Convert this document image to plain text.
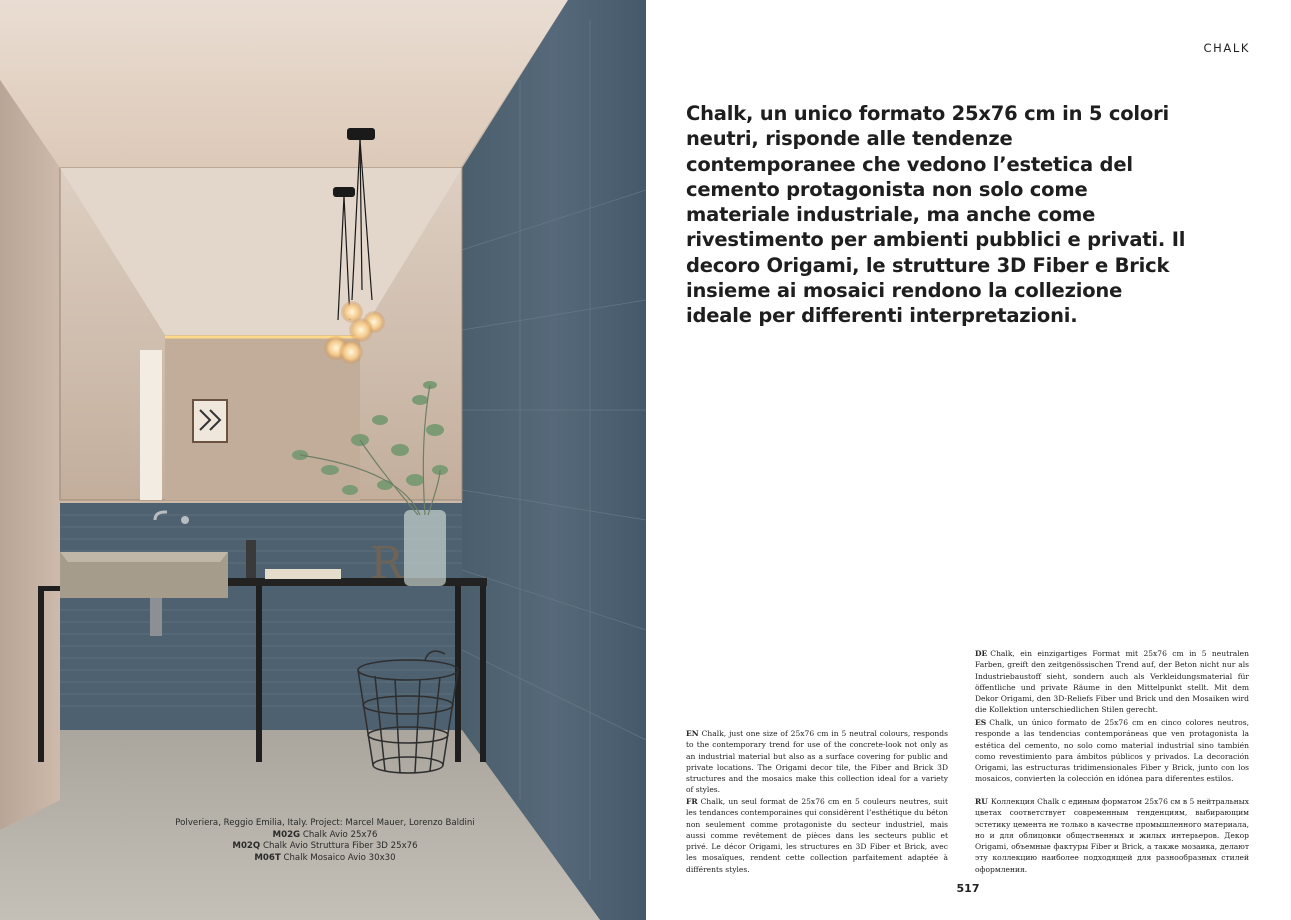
R
Polveriera, Reggio Emilia, Italy. Project: Marcel Mauer, Lorenzo Baldini
M02G Chalk Avio 25x76
M02Q Chalk Avio Struttura Fiber 3D 25x76
M06T Chalk Mosaico Avio 30x30
CHALK

Chalk, un unico formato 25x76 cm in 5 colori neutri, risponde alle tendenze contemporanee che vedono l’estetica del cemento protagonista non solo come materiale industriale, ma anche come rivestimento per ambienti pubblici e privati. Il decoro Origami, le strutture 3D Fiber e Brick insieme ai mosaici rendono la collezione ideale per differenti interpretazioni.

DE Chalk, ein einzigartiges Format mit 25x76 cm in 5 neutralen Farben, greift den zeitgenössischen Trend auf, der Beton nicht nur als Industriebaustoff sieht, sondern auch als Verkleidungsmaterial für öffentliche und private Räume in den Mittelpunkt stellt. Mit dem Dekor Origami, den 3D-Reliefs Fiber und Brick und den Mosaiken wird die Kollektion unterschiedlichen Stilen gerecht.

ES Chalk, un único formato de 25x76 cm en cinco colores neutros, responde a las tendencias contemporáneas que ven protagonista la estética del cemento, no solo como material industrial sino también como revestimiento para ámbitos públicos y privados. La decoración Origami, las estructuras tridimensionales Fiber y Brick, junto con los mosaicos, convierten la colección en idónea para diferentes estilos.

EN Chalk, just one size of 25x76 cm in 5 neutral colours, responds to the contemporary trend for use of the concrete-look not only as an industrial material but also as a surface covering for public and private locations. The Origami decor tile, the Fiber and Brick 3D structures and the mosaics make this collection ideal for a variety of styles.

FR Chalk, un seul format de 25x76 cm en 5 couleurs neutres, suit les tendances contemporaines qui considèrent l’esthétique du béton non seulement comme protagoniste du secteur industriel, mais aussi comme revêtement de pièces dans les secteurs public et privé. Le décor Origami, les structures en 3D Fiber et Brick, avec les mosaïques, rendent cette collection parfaitement adaptée à différents styles.

RU Коллекция Chalk с единым форматом 25x76 см в 5 нейтральных цветах соответствует современным тенденциям, выбирающим эстетику цемента не только в качестве промышленного материала, но и для облицовки общественных и жилых интерьеров. Декор Origami, объемные фактуры Fiber и Brick, а также мозаика, делают эту коллекцию наиболее подходящей для разнообразных стилей оформления.

517
